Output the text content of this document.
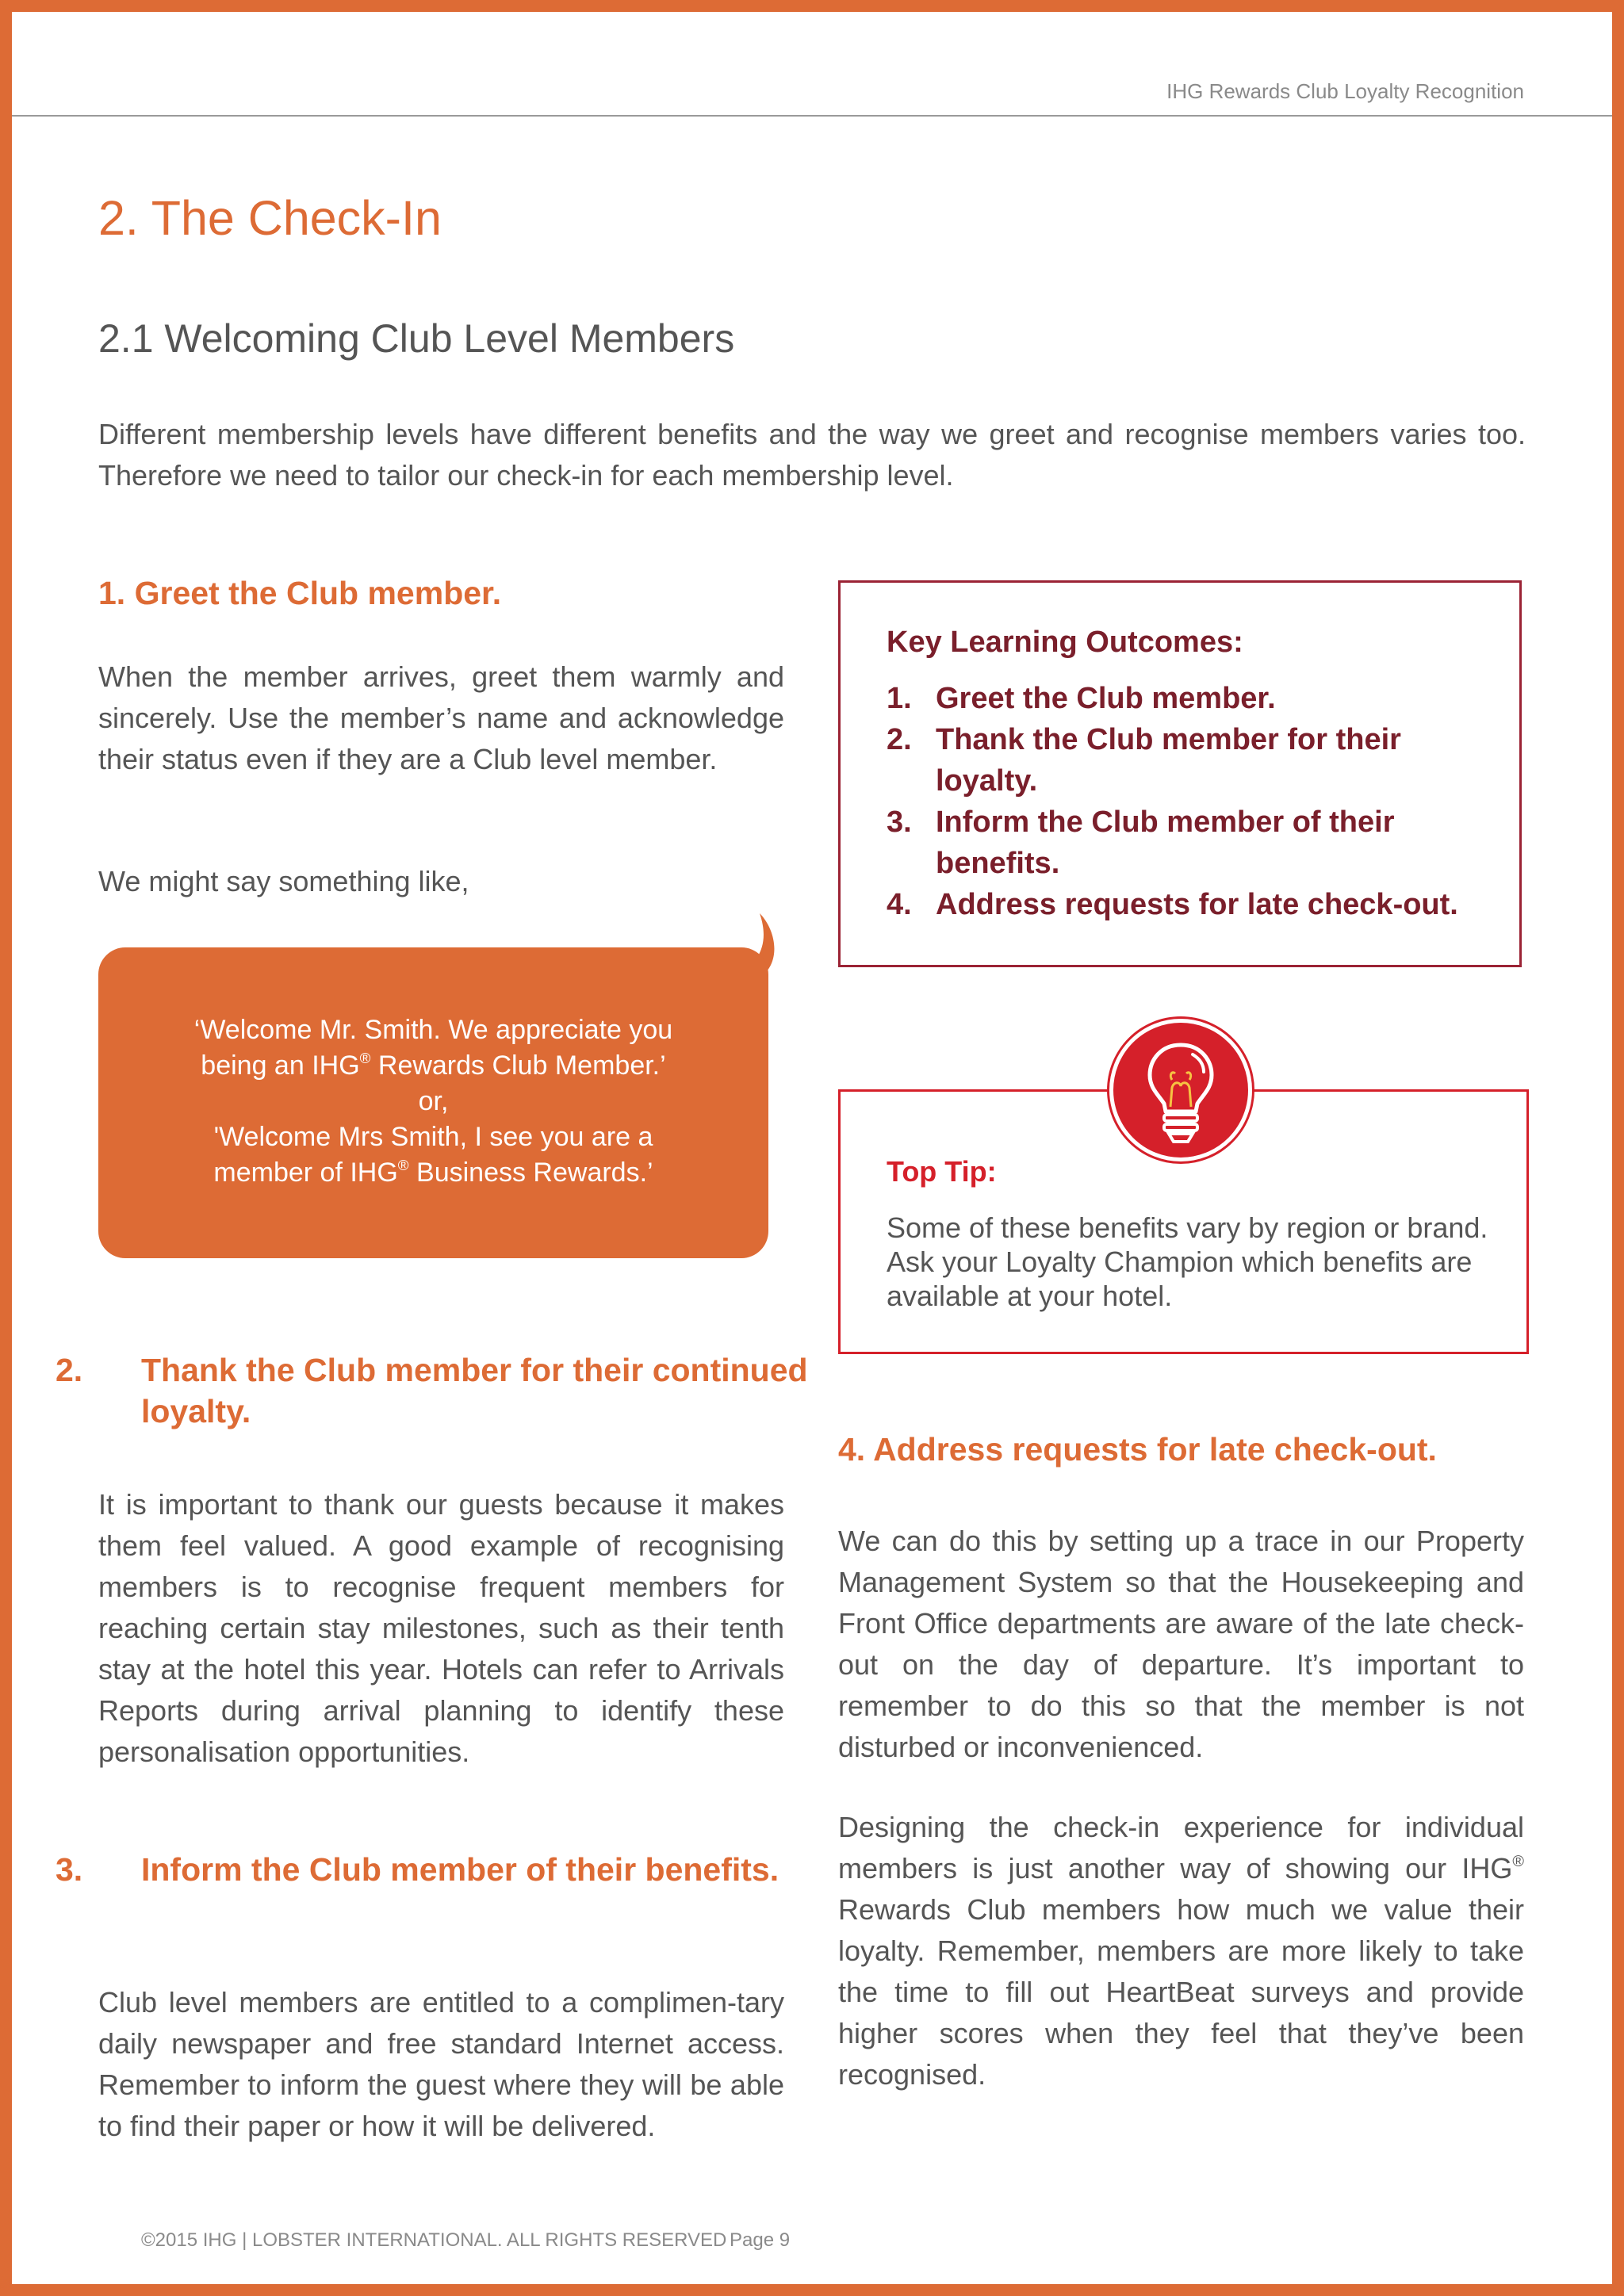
IHG Rewards Club Loyalty Recognition
2. The Check-In
2.1 Welcoming Club Level Members
Different membership levels have different benefits and the way we greet and recognise members varies too. Therefore we need to tailor our check-in for each membership level.
1. Greet the Club member.
When the member arrives, greet them warmly and sincerely. Use the member’s name and acknowledge their status even if they are a Club level member.
We might say something like,
‘Welcome Mr. Smith. We appreciate you
being an IHG® Rewards Club Member.’
or,
'Welcome Mrs Smith, I see you are a
member of IHG® Business Rewards.’
2. Thank the Club member for their continued loyalty.
It is important to thank our guests because it makes them feel valued. A good example of recognising members is to recognise frequent members for reaching certain stay milestones, such as their tenth stay at the hotel this year. Hotels can refer to Arrivals Reports during arrival planning to identify these personalisation opportunities.
3. Inform the Club member of their benefits.
Club level members are entitled to a complimen-tary daily newspaper and free standard Internet access. Remember to inform the guest where they will be able to find their paper or how it will be delivered.
Key Learning Outcomes:
1. Greet the Club member.
2. Thank the Club member for their loyalty.
3. Inform the Club member of their benefits.
4. Address requests for late check-out.
Top Tip:
Some of these benefits vary by region or brand. Ask your Loyalty Champion which benefits are available at your hotel.
4. Address requests for late check-out.
We can do this by setting up a trace in our Property Management System so that the Housekeeping and Front Office departments are aware of the late check-out on the day of departure. It’s important to remember to do this so that the member is not disturbed or inconvenienced.
Designing the check-in experience for individual members is just another way of showing our IHG® Rewards Club members how much we value their loyalty. Remember, members are more likely to take the time to fill out HeartBeat surveys and provide higher scores when they feel that they’ve been recognised.
©2015 IHG | LOBSTER INTERNATIONAL. ALL RIGHTS RESERVED Page 9
